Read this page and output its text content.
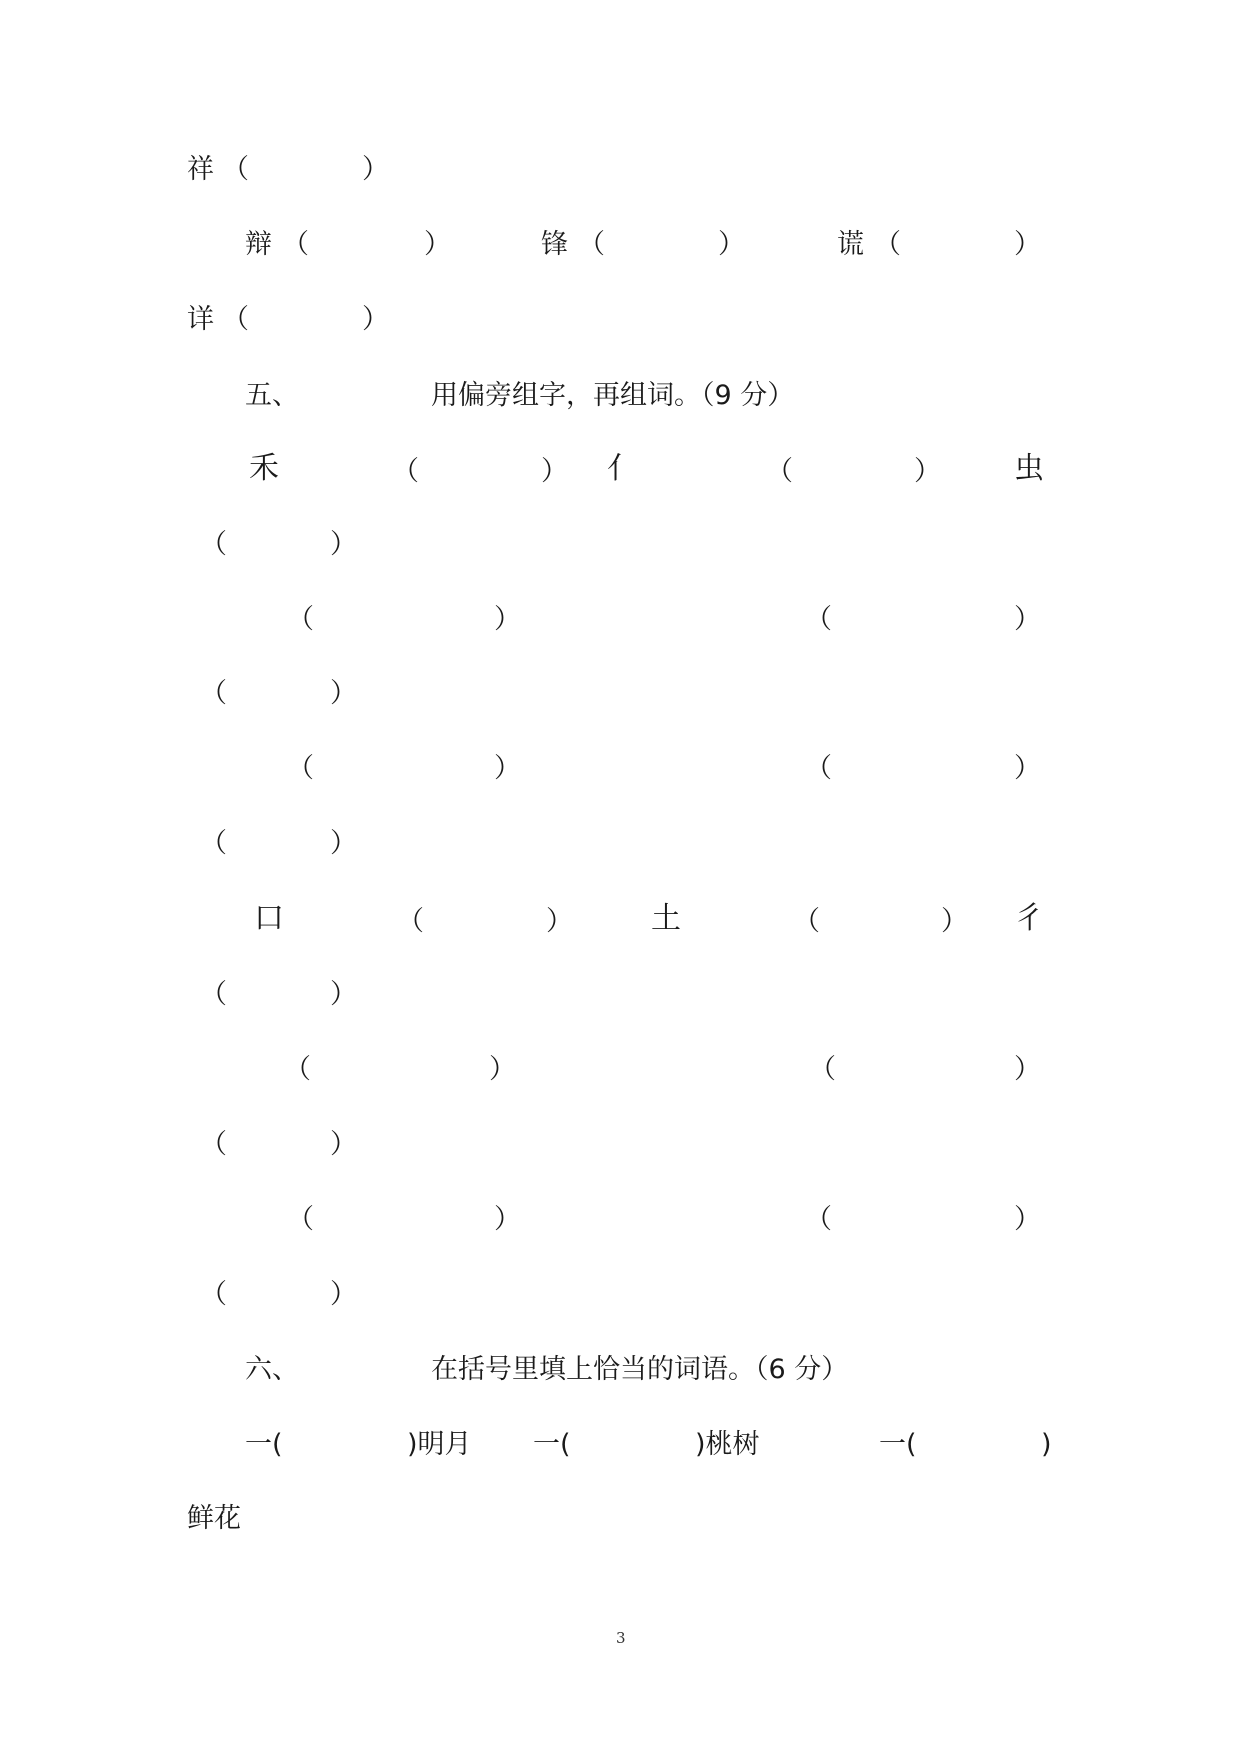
祥 （	）
辩 （	）	锋 （	）	谎 （	）
详 （	）
五、	用偏旁组字，再组词。（9 分）
禾	（	） 亻	（	） 虫
（	）
（	）	（	）
（	）
（	）	（	）
（	）
口	（	）	土	（	） 彳
（	）
（	）	（	）
（	）
（	）	（	）
（	）
六、	在括号里填上恰当的词语。（6 分）
一(	)明月 一(	)桃树	一(	)
鲜花
3
